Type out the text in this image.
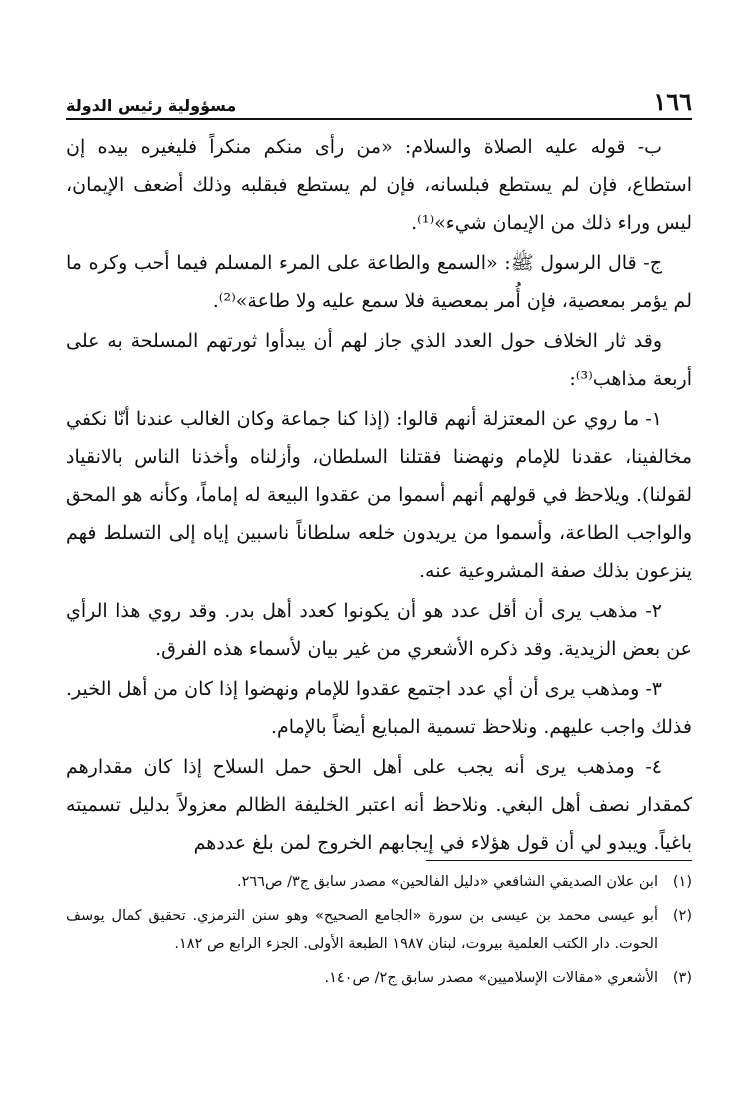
١٦٦
مسؤولية رئيس الدولة

ب- قوله عليه الصلاة والسلام: «من رأى منكم منكراً فليغيره بيده إن استطاع، فإن لم يستطع فبلسانه، فإن لم يستطع فبقلبه وذلك أضعف الإيمان، ليس وراء ذلك من الإيمان شيء»⁽¹⁾.

ج- قال الرسول ﷺ: «السمع والطاعة على المرء المسلم فيما أحب وكره ما لم يؤمر بمعصية، فإن أُمر بمعصية فلا سمع عليه ولا طاعة»⁽²⁾.

وقد ثار الخلاف حول العدد الذي جاز لهم أن يبدأوا ثورتهم المسلحة به على أربعة مذاهب⁽³⁾:

١- ما روي عن المعتزلة أنهم قالوا: (إذا كنا جماعة وكان الغالب عندنا أنّا نكفي مخالفينا، عقدنا للإمام ونهضنا فقتلنا السلطان، وأزلناه وأخذنا الناس بالانقياد لقولنا). ويلاحظ في قولهم أنهم أسموا من عقدوا البيعة له إماماً، وكأنه هو المحق والواجب الطاعة، وأسموا من يريدون خلعه سلطاناً ناسبين إياه إلى التسلط فهم ينزعون بذلك صفة المشروعية عنه.

٢- مذهب يرى أن أقل عدد هو أن يكونوا كعدد أهل بدر. وقد روي هذا الرأي عن بعض الزيدية. وقد ذكره الأشعري من غير بيان لأسماء هذه الفرق.

٣- ومذهب يرى أن أي عدد اجتمع عقدوا للإمام ونهضوا إذا كان من أهل الخير. فذلك واجب عليهم. ونلاحظ تسمية المبايع أيضاً بالإمام.

٤- ومذهب يرى أنه يجب على أهل الحق حمل السلاح إذا كان مقدارهم كمقدار نصف أهل البغي. ونلاحظ أنه اعتبر الخليفة الظالم معزولاً بدليل تسميته باغياً. ويبدو لي أن قول هؤلاء في إيجابهم الخروج لمن بلغ عددهم

(١)
ابن علان الصديقي الشافعي «دليل الفالحين» مصدر سابق ج٣/ ص٢٦٦.
(٢)
أبو عيسى محمد بن عيسى بن سورة «الجامع الصحيح» وهو سنن الترمزي. تحقيق كمال يوسف الحوت. دار الكتب العلمية بيروت، لبنان ١٩٨٧ الطبعة الأولى. الجزء الرابع ص ١٨٢.
(٣)
الأشعري «مقالات الإسلاميين» مصدر سابق ج٢/ ص١٤٠.
